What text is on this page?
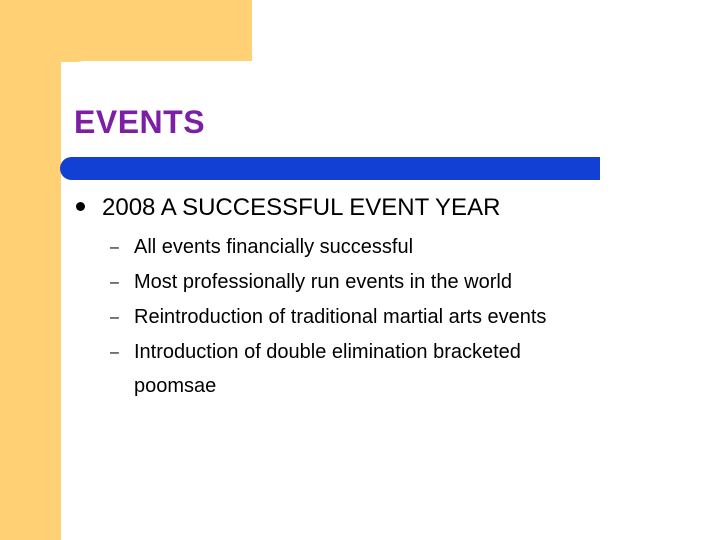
EVENTS
2008 A SUCCESSFUL EVENT YEAR
– All events financially successful
– Most professionally run events in the world
– Reintroduction of traditional martial arts events
– Introduction of double elimination bracketed poomsae
